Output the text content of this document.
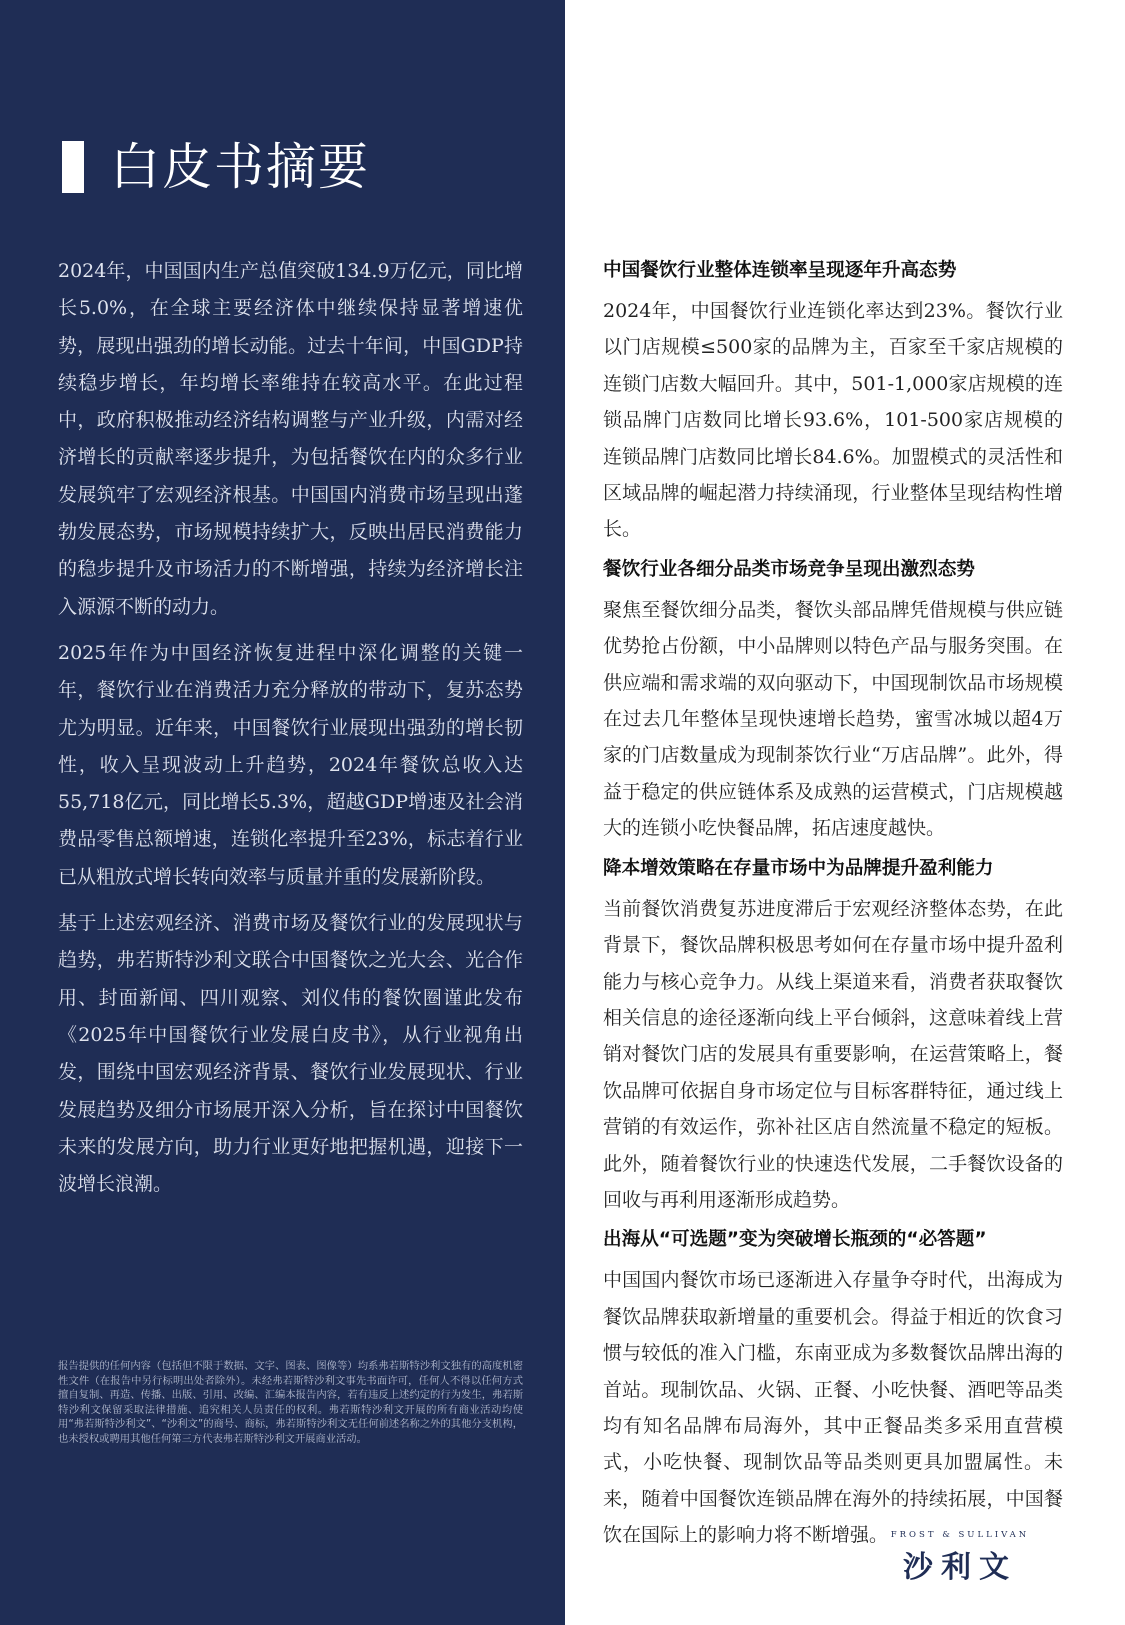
白皮书摘要

2024年，中国国内生产总值突破134.9万亿元，同比增长5.0%，在全球主要经济体中继续保持显著增速优势，展现出强劲的增长动能。过去十年间，中国GDP持续稳步增长，年均增长率维持在较高水平。在此过程中，政府积极推动经济结构调整与产业升级，内需对经济增长的贡献率逐步提升，为包括餐饮在内的众多行业发展筑牢了宏观经济根基。中国国内消费市场呈现出蓬勃发展态势，市场规模持续扩大，反映出居民消费能力的稳步提升及市场活力的不断增强，持续为经济增长注入源源不断的动力。

2025年作为中国经济恢复进程中深化调整的关键一年，餐饮行业在消费活力充分释放的带动下，复苏态势尤为明显。近年来，中国餐饮行业展现出强劲的增长韧性，收入呈现波动上升趋势，2024年餐饮总收入达55,718亿元，同比增长5.3%，超越GDP增速及社会消费品零售总额增速，连锁化率提升至23%，标志着行业已从粗放式增长转向效率与质量并重的发展新阶段。

基于上述宏观经济、消费市场及餐饮行业的发展现状与趋势，弗若斯特沙利文联合中国餐饮之光大会、光合作用、封面新闻、四川观察、刘仪伟的餐饮圈谨此发布《2025年中国餐饮行业发展白皮书》，从行业视角出发，围绕中国宏观经济背景、餐饮行业发展现状、行业发展趋势及细分市场展开深入分析，旨在探讨中国餐饮未来的发展方向，助力行业更好地把握机遇，迎接下一波增长浪潮。

报告提供的任何内容（包括但不限于数据、文字、图表、图像等）均系弗若斯特沙利文独有的高度机密性文件（在报告中另行标明出处者除外）。未经弗若斯特沙利文事先书面许可，任何人不得以任何方式擅自复制、再造、传播、出版、引用、改编、汇编本报告内容，若有违反上述约定的行为发生，弗若斯特沙利文保留采取法律措施、追究相关人员责任的权利。弗若斯特沙利文开展的所有商业活动均使用“弗若斯特沙利文”、“沙利文”的商号、商标，弗若斯特沙利文无任何前述名称之外的其他分支机构，也未授权或聘用其他任何第三方代表弗若斯特沙利文开展商业活动。

中国餐饮行业整体连锁率呈现逐年升高态势

2024年，中国餐饮行业连锁化率达到23%。餐饮行业以门店规模≤500家的品牌为主，百家至千家店规模的连锁门店数大幅回升。其中，501-1,000家店规模的连锁品牌门店数同比增长93.6%，101-500家店规模的连锁品牌门店数同比增长84.6%。加盟模式的灵活性和区域品牌的崛起潜力持续涌现，行业整体呈现结构性增长。

餐饮行业各细分品类市场竞争呈现出激烈态势

聚焦至餐饮细分品类，餐饮头部品牌凭借规模与供应链优势抢占份额，中小品牌则以特色产品与服务突围。在供应端和需求端的双向驱动下，中国现制饮品市场规模在过去几年整体呈现快速增长趋势，蜜雪冰城以超4万家的门店数量成为现制茶饮行业“万店品牌”。此外，得益于稳定的供应链体系及成熟的运营模式，门店规模越大的连锁小吃快餐品牌，拓店速度越快。

降本增效策略在存量市场中为品牌提升盈利能力

当前餐饮消费复苏进度滞后于宏观经济整体态势，在此背景下，餐饮品牌积极思考如何在存量市场中提升盈利能力与核心竞争力。从线上渠道来看，消费者获取餐饮相关信息的途径逐渐向线上平台倾斜，这意味着线上营销对餐饮门店的发展具有重要影响，在运营策略上，餐饮品牌可依据自身市场定位与目标客群特征，通过线上营销的有效运作，弥补社区店自然流量不稳定的短板。此外，随着餐饮行业的快速迭代发展，二手餐饮设备的回收与再利用逐渐形成趋势。

出海从“可选题”变为突破增长瓶颈的“必答题”

中国国内餐饮市场已逐渐进入存量争夺时代，出海成为餐饮品牌获取新增量的重要机会。得益于相近的饮食习惯与较低的准入门槛，东南亚成为多数餐饮品牌出海的首站。现制饮品、火锅、正餐、小吃快餐、酒吧等品类均有知名品牌布局海外，其中正餐品类多采用直营模式，小吃快餐、现制饮品等品类则更具加盟属性。未来，随着中国餐饮连锁品牌在海外的持续拓展，中国餐饮在国际上的影响力将不断增强。 FROST & SULLIVAN
沙利文
